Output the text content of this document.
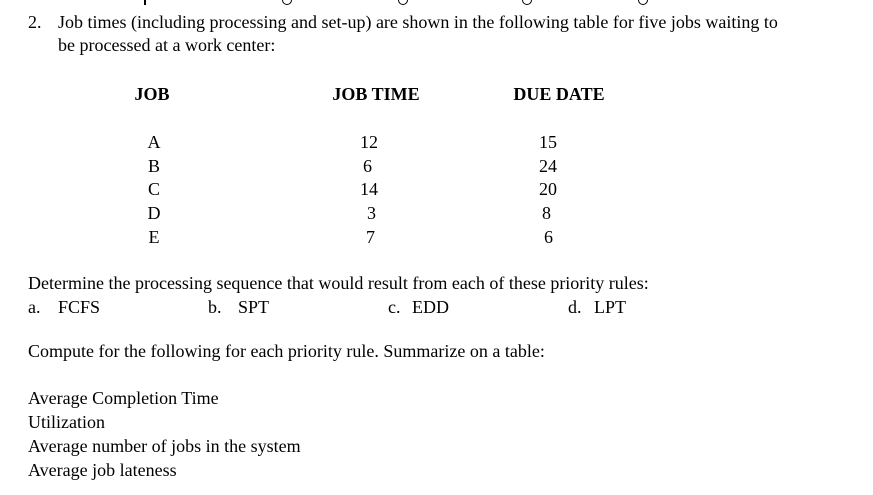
2. Job times (including processing and set-up) are shown in the following table for five jobs waiting to
be processed at a work center:
JOB	JOB TIME	DUE DATE
A	12	15
B	6	24
C	14	20
D	3	8
E	7	6
Determine the processing sequence that would result from each of these priority rules:
a. FCFS	b. SPT	c. EDD	d. LPT
Compute for the following for each priority rule. Summarize on a table:
Average Completion Time
Utilization
Average number of jobs in the system
Average job lateness
